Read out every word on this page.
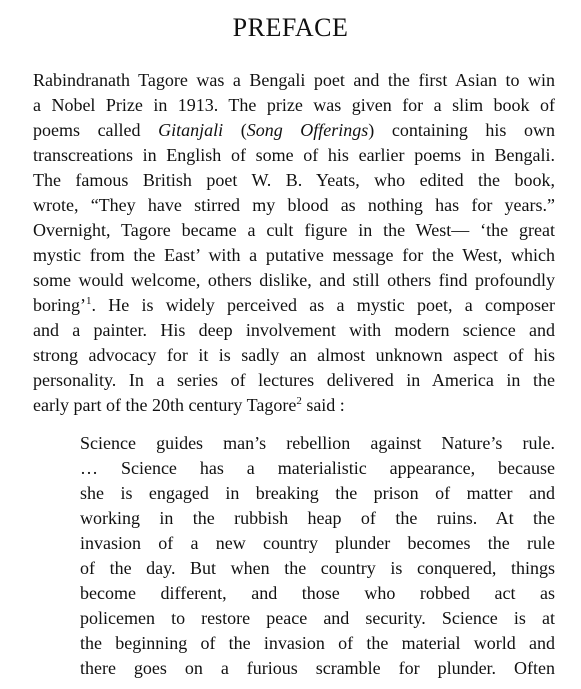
PREFACE
Rabindranath Tagore was a Bengali poet and the first Asian to win
a Nobel Prize in 1913. The prize was given for a slim book of
poems called Gitanjali (Song Offerings) containing his own
transcreations in English of some of his earlier poems in Bengali.
The famous British poet W. B. Yeats, who edited the book,
wrote, “They have stirred my blood as nothing has for years.”
Overnight, Tagore became a cult figure in the West— ‘the great
mystic from the East’ with a putative message for the West, which
some would welcome, others dislike, and still others find profoundly
boring’$^1$. He is widely perceived as a mystic poet, a composer
and a painter. His deep involvement with modern science and
strong advocacy for it is sadly an almost unknown aspect of his
personality. In a series of lectures delivered in America in the
early part of the 20th century Tagore$^2$ said :
Science guides man’s rebellion against Nature’s rule.
… Science has a materialistic appearance, because
she is engaged in breaking the prison of matter and
working in the rubbish heap of the ruins. At the
invasion of a new country plunder becomes the rule
of the day. But when the country is conquered, things
become different, and those who robbed act as
policemen to restore peace and security. Science is at
the beginning of the invasion of the material world and
there goes on a furious scramble for plunder. Often
